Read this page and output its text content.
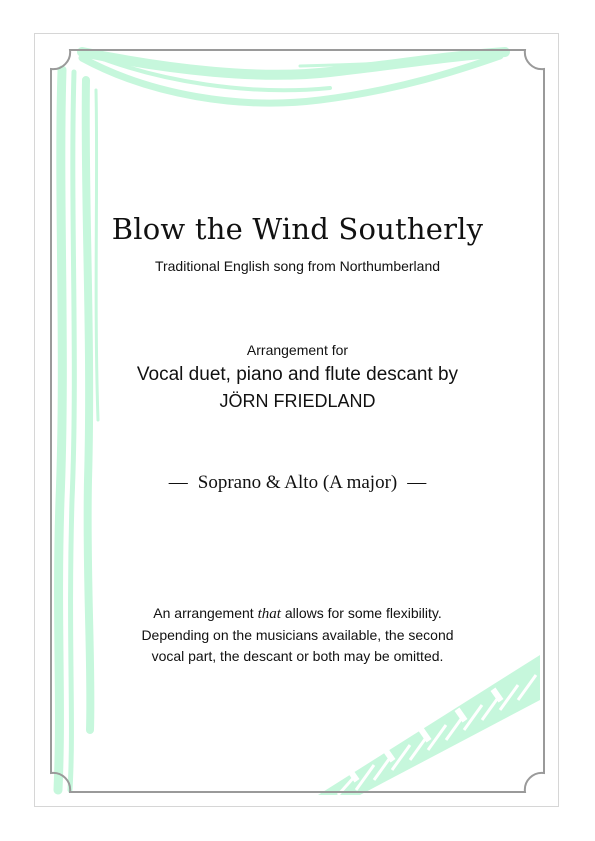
Blow the Wind Southerly
Traditional English song from Northumberland
Arrangement for
Vocal duet, piano and flute descant by
JÖRN FRIEDLAND
— Soprano & Alto (A major) —
An arrangement that allows for some flexibility.
Depending on the musicians available, the second
vocal part, the descant or both may be omitted.
